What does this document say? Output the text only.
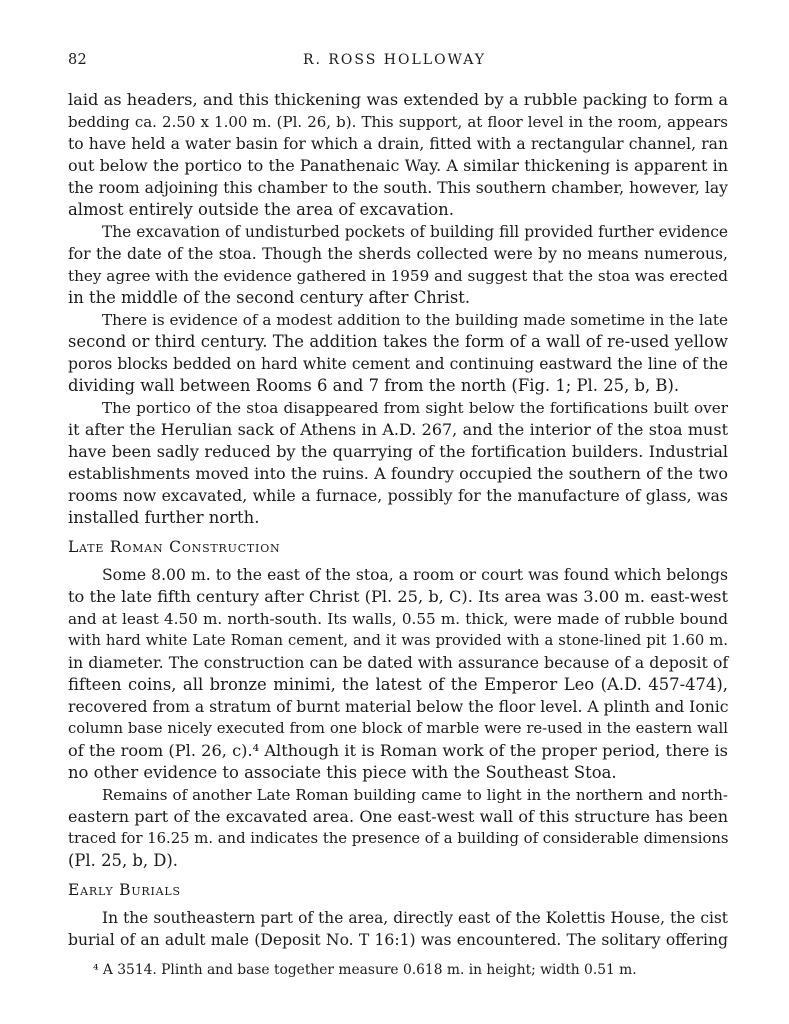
82	R. ROSS HOLLOWAY
laid as headers, and this thickening was extended by a rubble packing to form a
bedding ca. 2.50 x 1.00 m. (Pl. 26, b). This support, at floor level in the room, appears
to have held a water basin for which a drain, fitted with a rectangular channel, ran
out below the portico to the Panathenaic Way. A similar thickening is apparent in
the room adjoining this chamber to the south. This southern chamber, however, lay
almost entirely outside the area of excavation.
The excavation of undisturbed pockets of building fill provided further evidence
for the date of the stoa. Though the sherds collected were by no means numerous,
they agree with the evidence gathered in 1959 and suggest that the stoa was erected
in the middle of the second century after Christ.
There is evidence of a modest addition to the building made sometime in the late
second or third century. The addition takes the form of a wall of re-used yellow
poros blocks bedded on hard white cement and continuing eastward the line of the
dividing wall between Rooms 6 and 7 from the north (Fig. 1; Pl. 25, b, B).
The portico of the stoa disappeared from sight below the fortifications built over
it after the Herulian sack of Athens in A.D. 267, and the interior of the stoa must
have been sadly reduced by the quarrying of the fortification builders. Industrial
establishments moved into the ruins. A foundry occupied the southern of the two
rooms now excavated, while a furnace, possibly for the manufacture of glass, was
installed further north.
Late Roman Construction
Some 8.00 m. to the east of the stoa, a room or court was found which belongs
to the late fifth century after Christ (Pl. 25, b, C). Its area was 3.00 m. east-west
and at least 4.50 m. north-south. Its walls, 0.55 m. thick, were made of rubble bound
with hard white Late Roman cement, and it was provided with a stone-lined pit 1.60 m.
in diameter. The construction can be dated with assurance because of a deposit of
fifteen coins, all bronze minimi, the latest of the Emperor Leo (A.D. 457-474),
recovered from a stratum of burnt material below the floor level. A plinth and Ionic
column base nicely executed from one block of marble were re-used in the eastern wall
of the room (Pl. 26, c).⁴ Although it is Roman work of the proper period, there is
no other evidence to associate this piece with the Southeast Stoa.
Remains of another Late Roman building came to light in the northern and north-
eastern part of the excavated area. One east-west wall of this structure has been
traced for 16.25 m. and indicates the presence of a building of considerable dimensions
(Pl. 25, b, D).
Early Burials
In the southeastern part of the area, directly east of the Kolettis House, the cist
burial of an adult male (Deposit No. T 16:1) was encountered. The solitary offering
⁴ A 3514. Plinth and base together measure 0.618 m. in height; width 0.51 m.
